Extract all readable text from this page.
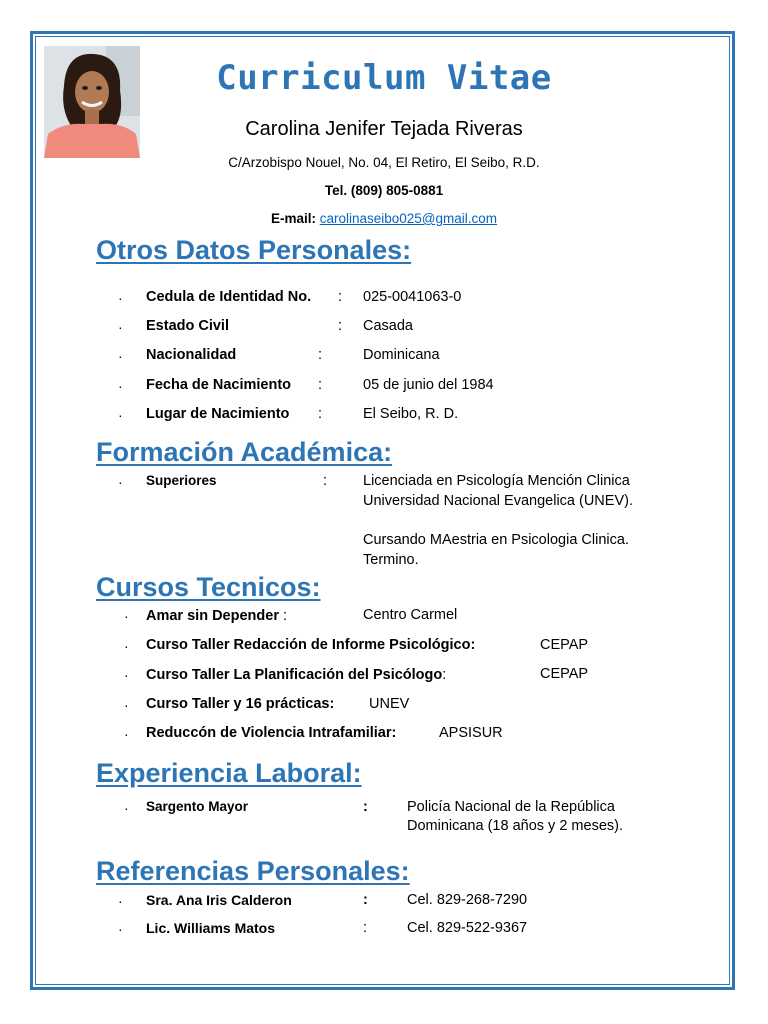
Curriculum Vitae
Carolina Jenifer Tejada Riveras
C/Arzobispo Nouel, No. 04, El Retiro, El Seibo, R.D.
Tel. (809) 805-0881
E-mail: carolinaseibo025@gmail.com
Otros Datos Personales:
· Cedula de Identidad No. : 025-0041063-0
· Estado Civil	: Casada
· Nacionalidad	:	Dominicana
· Fecha de Nacimiento :	05 de junio del 1984
· Lugar de Nacimiento :	El Seibo, R. D.
Formación Académica:
· Superiores	: Licenciada en Psicología Mención Clinica
Universidad Nacional Evangelica (UNEV).
Cursando MAestria en Psicologia Clinica.
Termino.
Cursos Tecnicos:
· Amar sin Depender :	Centro Carmel
· Curso Taller Redacción de Informe Psicológico:	CEPAP
· Curso Taller La Planificación del Psicólogo:	CEPAP
· Curso Taller y 16 prácticas: UNEV
· Reduccón de Violencia Intrafamiliar:	APSISUR
Experiencia Laboral:
· Sargento Mayor	:	Policía Nacional de la República
Dominicana (18 años y 2 meses).
Referencias Personales:
· Sra. Ana Iris Calderon	:	Cel. 829-268-7290
· Lic. Williams Matos	:	Cel. 829-522-9367
